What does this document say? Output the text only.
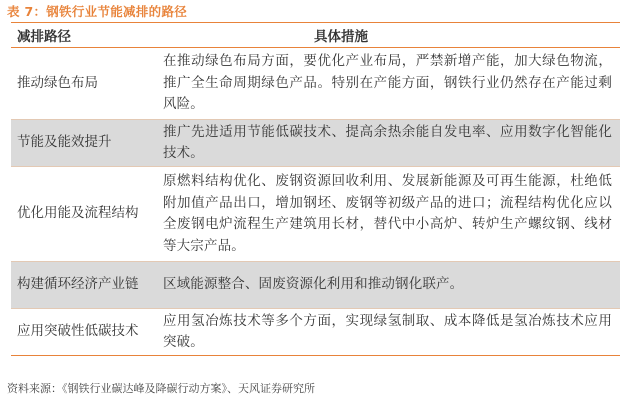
表 7：钢铁行业节能减排的路径
减排路径	具体措施
推动绿色布局	在推动绿色布局方面，要优化产业布局，严禁新增产能，加大绿色物流，推广全生命周期绿色产品。特别在产能方面，钢铁行业仍然存在产能过剩风险。
节能及能效提升	推广先进适用节能低碳技术、提高余热余能自发电率、应用数字化智能化技术。
优化用能及流程结构	原燃料结构优化、废钢资源回收利用、发展新能源及可再生能源，杜绝低附加值产品出口，增加钢坯、废钢等初级产品的进口；流程结构优化应以全废钢电炉流程生产建筑用长材，替代中小高炉、转炉生产螺纹钢、线材等大宗产品。
构建循环经济产业链	区域能源整合、固废资源化利用和推动钢化联产。
应用突破性低碳技术	应用氢冶炼技术等多个方面，实现绿氢制取、成本降低是氢冶炼技术应用突破。
资料来源：《钢铁行业碳达峰及降碳行动方案》、天风证券研究所
